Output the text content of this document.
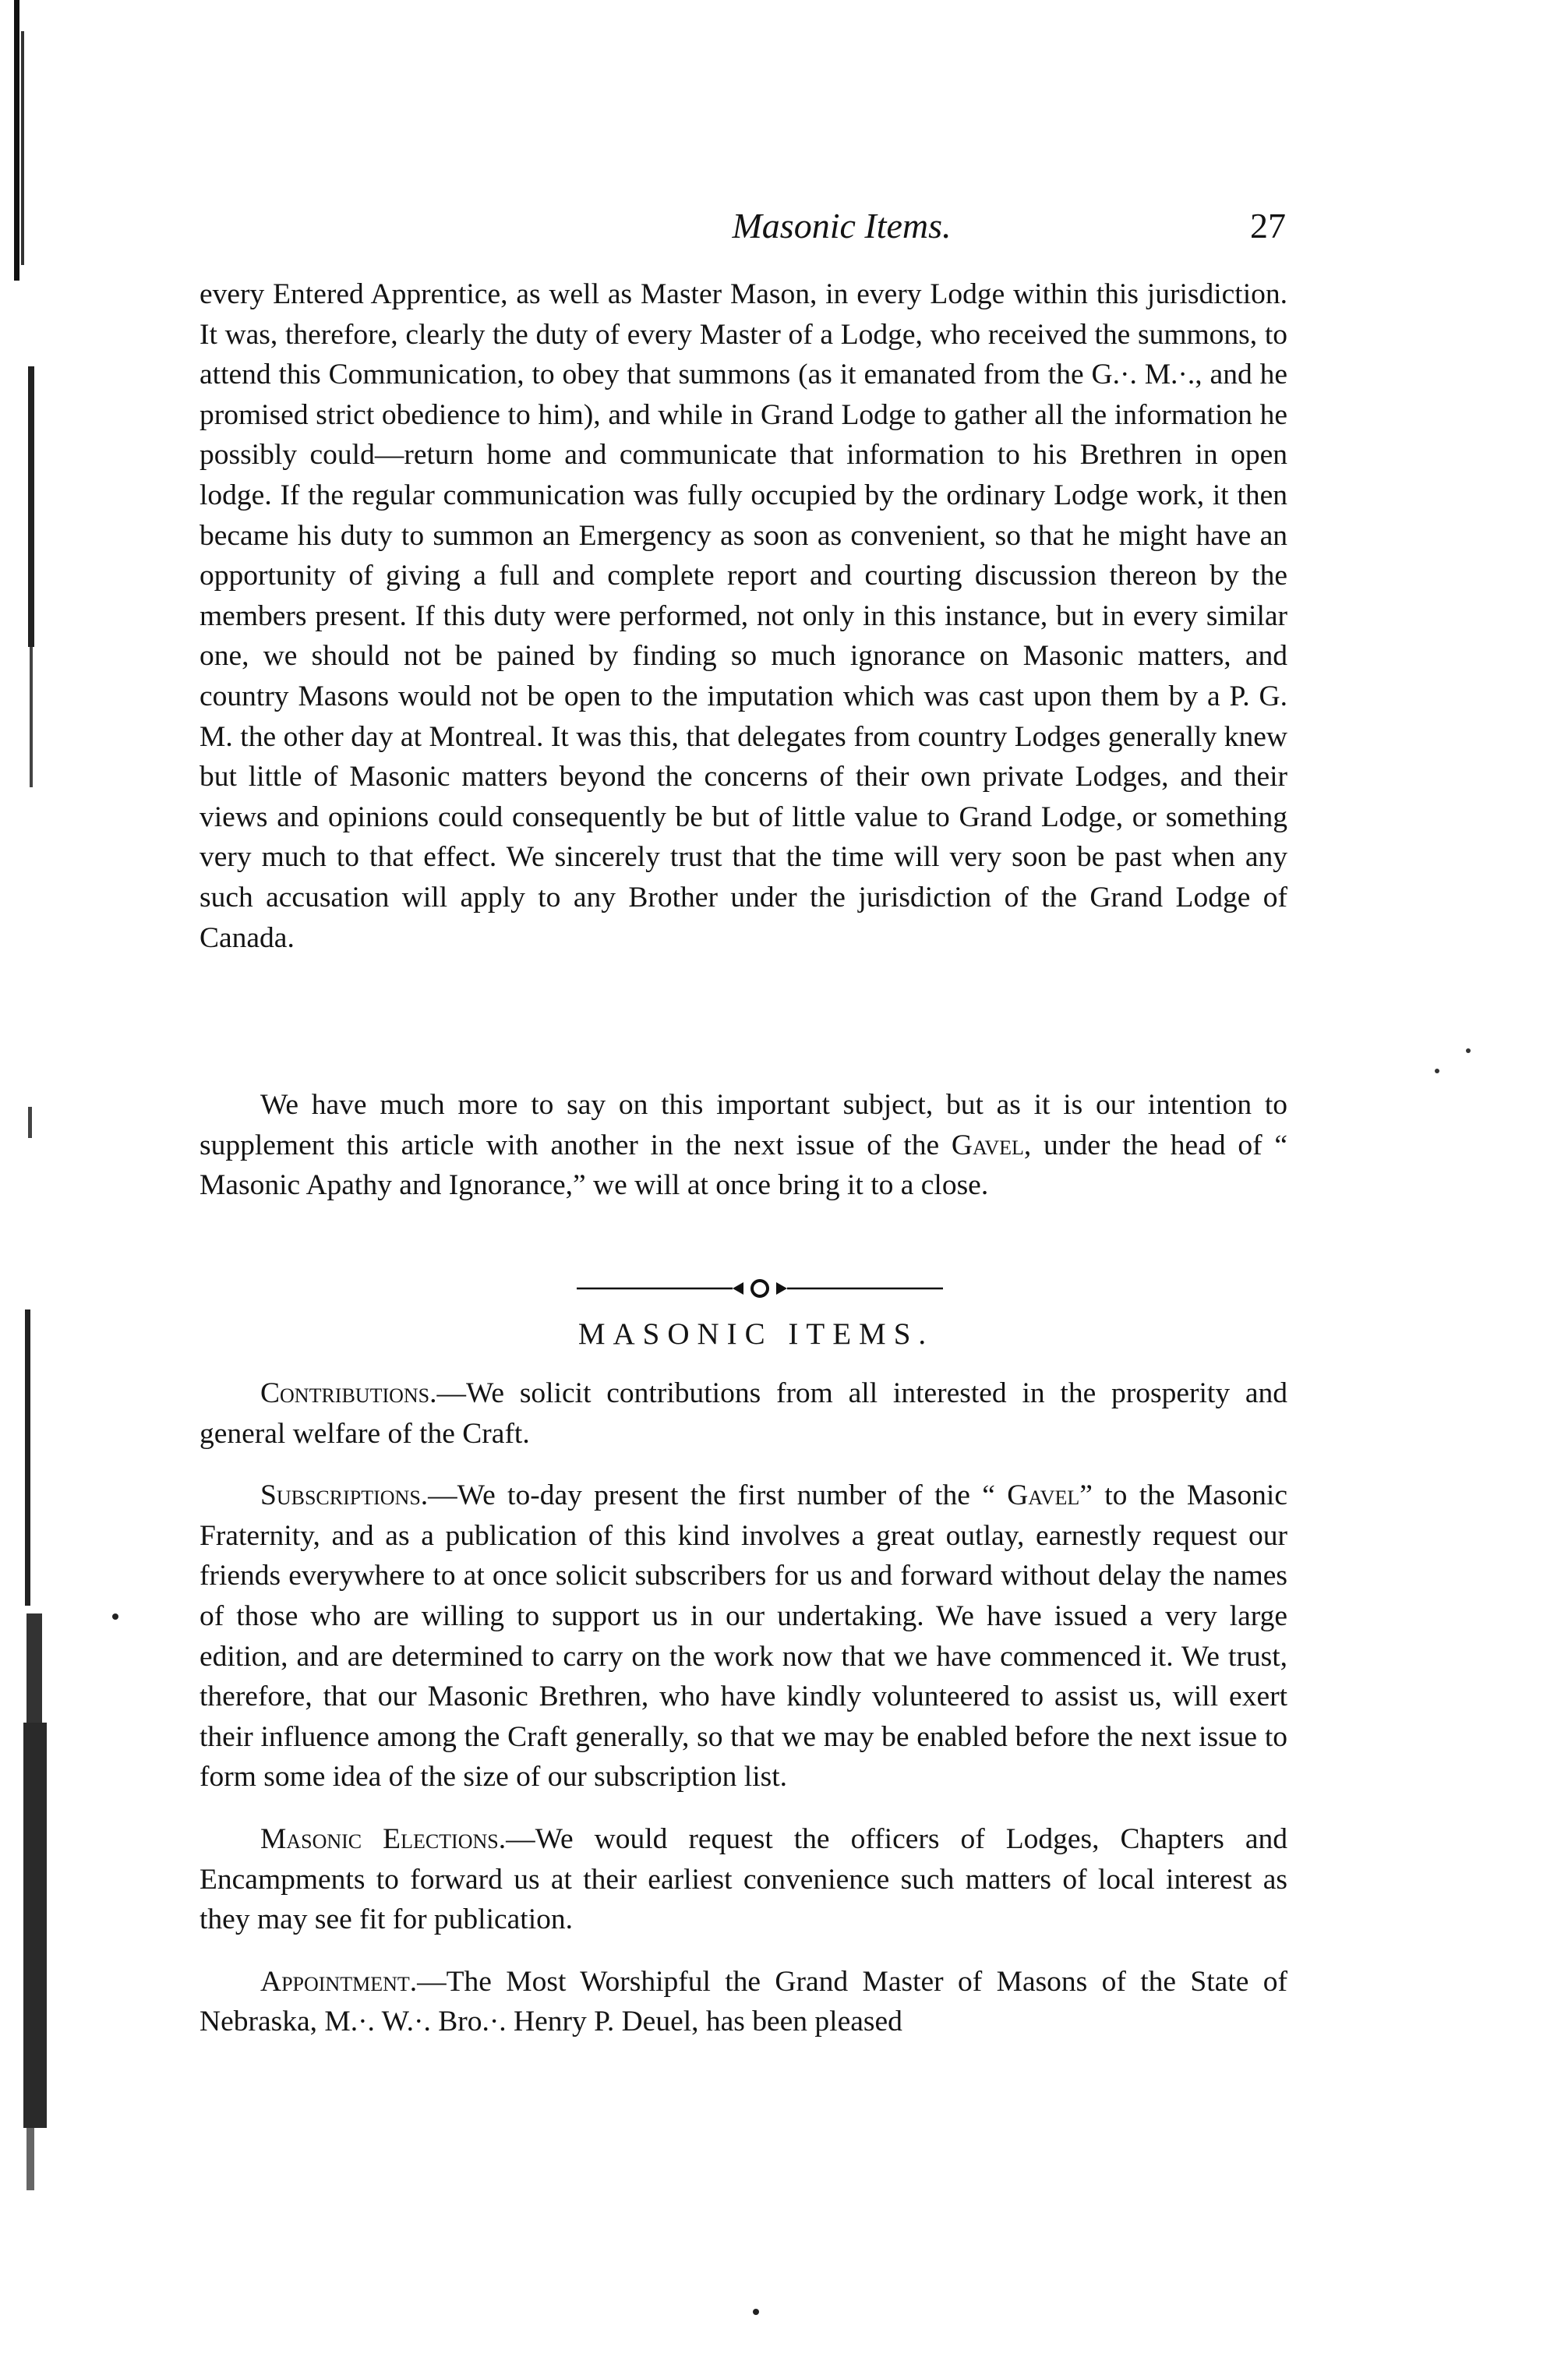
Masonic Items.	27

every Entered Apprentice, as well as Master Mason, in every Lodge within this jurisdiction. It was, therefore, clearly the duty of every Master of a Lodge, who received the summons, to attend this Communication, to obey that summons (as it emanated from the G.·. M.·., and he promised strict obedience to him), and while in Grand Lodge to gather all the information he possibly could—return home and communicate that information to his Brethren in open lodge. If the regular communication was fully occupied by the ordinary Lodge work, it then became his duty to summon an Emergency as soon as convenient, so that he might have an opportunity of giving a full and complete report and courting discussion thereon by the members present. If this duty were performed, not only in this instance, but in every similar one, we should not be pained by finding so much ignorance on Masonic matters, and country Masons would not be open to the imputation which was cast upon them by a P. G. M. the other day at Montreal. It was this, that delegates from country Lodges generally knew but little of Masonic matters beyond the concerns of their own private Lodges, and their views and opinions could consequently be but of little value to Grand Lodge, or something very much to that effect. We sincerely trust that the time will very soon be past when any such accusation will apply to any Brother under the jurisdiction of the Grand Lodge of Canada.

We have much more to say on this important subject, but as it is our intention to supplement this article with another in the next issue of the Gavel, under the head of “ Masonic Apathy and Ignorance,” we will at once bring it to a close.

MASONIC ITEMS.

Contributions.—We solicit contributions from all interested in the prosperity and general welfare of the Craft.

Subscriptions.—We to-day present the first number of the “ Gavel” to the Masonic Fraternity, and as a publication of this kind involves a great outlay, earnestly request our friends everywhere to at once solicit subscribers for us and forward without delay the names of those who are willing to support us in our undertaking. We have issued a very large edition, and are determined to carry on the work now that we have commenced it. We trust, therefore, that our Masonic Brethren, who have kindly volunteered to assist us, will exert their influence among the Craft generally, so that we may be enabled before the next issue to form some idea of the size of our subscription list.

Masonic Elections.—We would request the officers of Lodges, Chapters and Encampments to forward us at their earliest convenience such matters of local interest as they may see fit for publication.

Appointment.—The Most Worshipful the Grand Master of Masons of the State of Nebraska, M.·. W.·. Bro.·. Henry P. Deuel, has been pleased
